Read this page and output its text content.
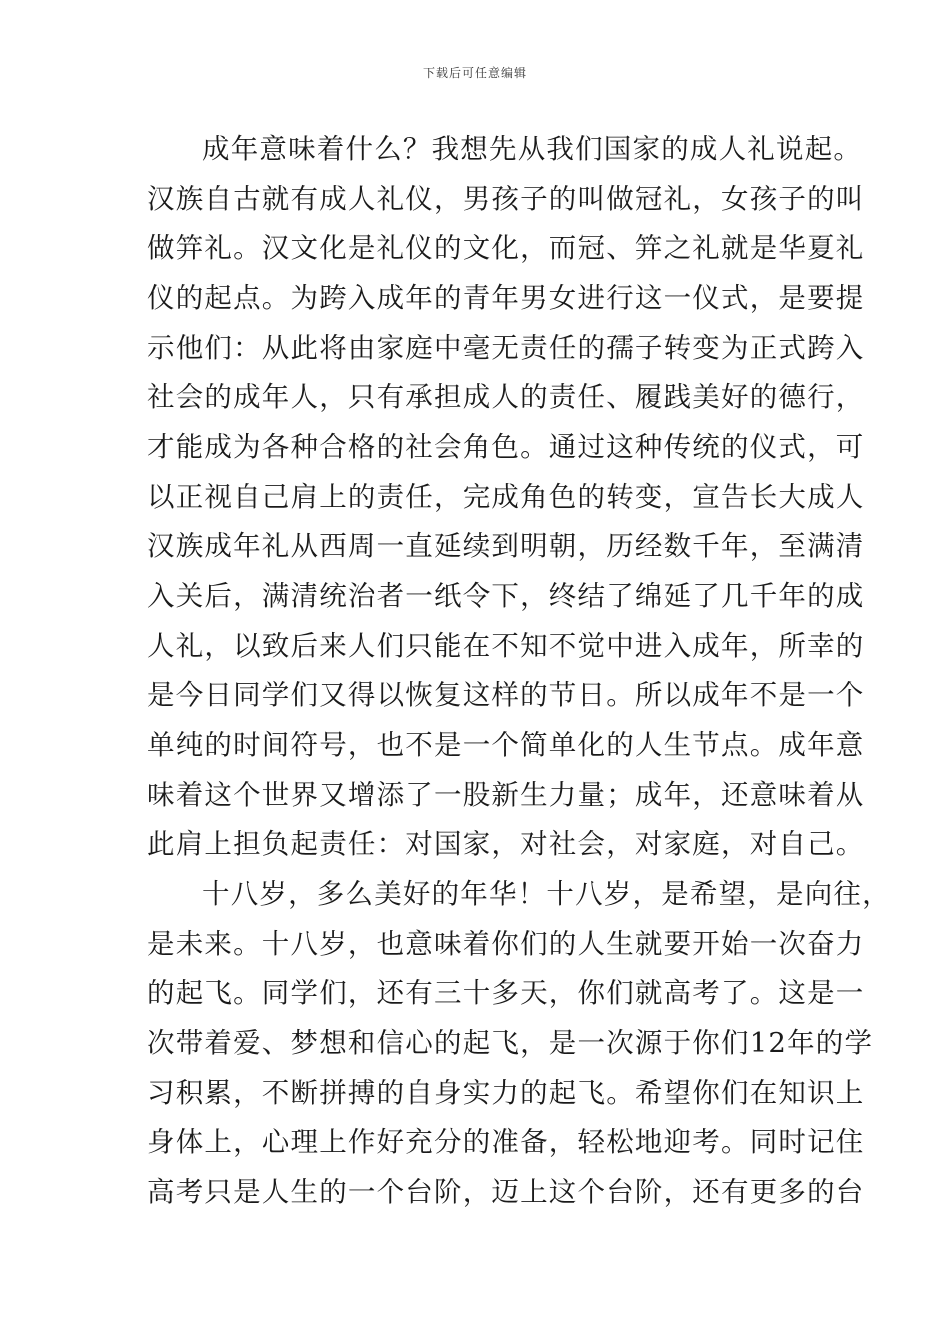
下载后可任意编辑
成年意味着什么？我想先从我们国家的成人礼说起。
汉族自古就有成人礼仪，男孩子的叫做冠礼，女孩子的叫
做笄礼。汉文化是礼仪的文化，而冠、笄之礼就是华夏礼
仪的起点。为跨入成年的青年男女进行这一仪式，是要提
示他们：从此将由家庭中毫无责任的孺子转变为正式跨入
社会的成年人，只有承担成人的责任、履践美好的德行，
才能成为各种合格的社会角色。通过这种传统的仪式，可
以正视自己肩上的责任，完成角色的转变，宣告长大成人
汉族成年礼从西周一直延续到明朝，历经数千年，至满清
入关后，满清统治者一纸令下，终结了绵延了几千年的成
人礼，以致后来人们只能在不知不觉中进入成年，所幸的
是今日同学们又得以恢复这样的节日。所以成年不是一个
单纯的时间符号，也不是一个简单化的人生节点。成年意
味着这个世界又增添了一股新生力量；成年，还意味着从
此肩上担负起责任：对国家，对社会，对家庭，对自己。
十八岁，多么美好的年华！十八岁，是希望，是向往，
是未来。十八岁，也意味着你们的人生就要开始一次奋力
的起飞。同学们，还有三十多天，你们就高考了。这是一
次带着爱、梦想和信心的起飞，是一次源于你们12年的学
习积累，不断拼搏的自身实力的起飞。希望你们在知识上
身体上，心理上作好充分的准备，轻松地迎考。同时记住
高考只是人生的一个台阶，迈上这个台阶，还有更多的台
